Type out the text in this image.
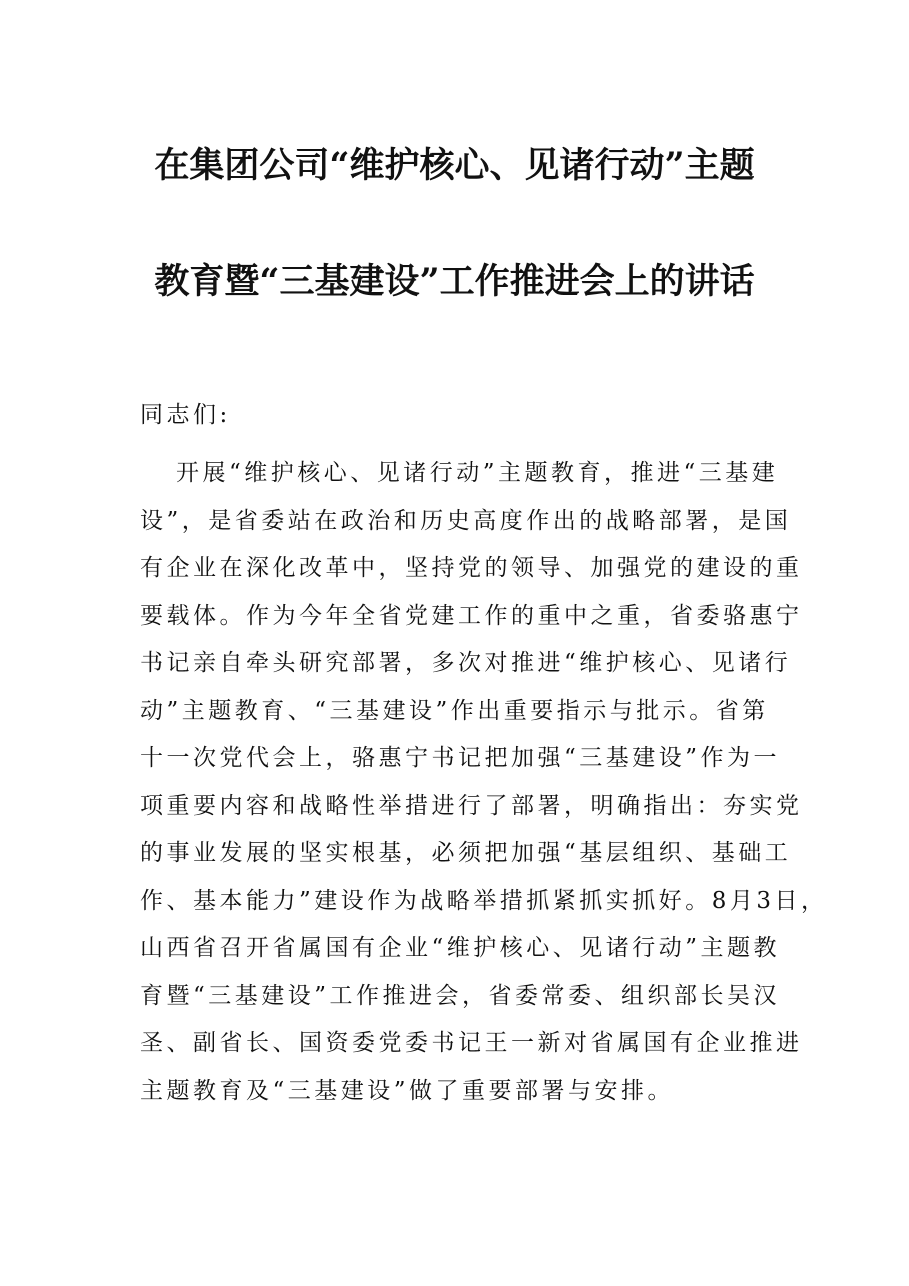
在集团公司“维护核心、见诸行动”主题
教育暨“三基建设”工作推进会上的讲话
同志们:
开展“维护核心、见诸行动”主题教育，推进“三基建
设”，是省委站在政治和历史高度作出的战略部署，是国
有企业在深化改革中，坚持党的领导、加强党的建设的重
要载体。作为今年全省党建工作的重中之重，省委骆惠宁
书记亲自牵头研究部署，多次对推进“维护核心、见诸行
动”主题教育、“三基建设”作出重要指示与批示。省第
十一次党代会上，骆惠宁书记把加强“三基建设”作为一
项重要内容和战略性举措进行了部署，明确指出：夯实党
的事业发展的坚实根基，必须把加强“基层组织、基础工
作、基本能力”建设作为战略举措抓紧抓实抓好。8月3日，
山西省召开省属国有企业“维护核心、见诸行动”主题教
育暨“三基建设”工作推进会，省委常委、组织部长吴汉
圣、副省长、国资委党委书记王一新对省属国有企业推进
主题教育及“三基建设”做了重要部署与安排。
